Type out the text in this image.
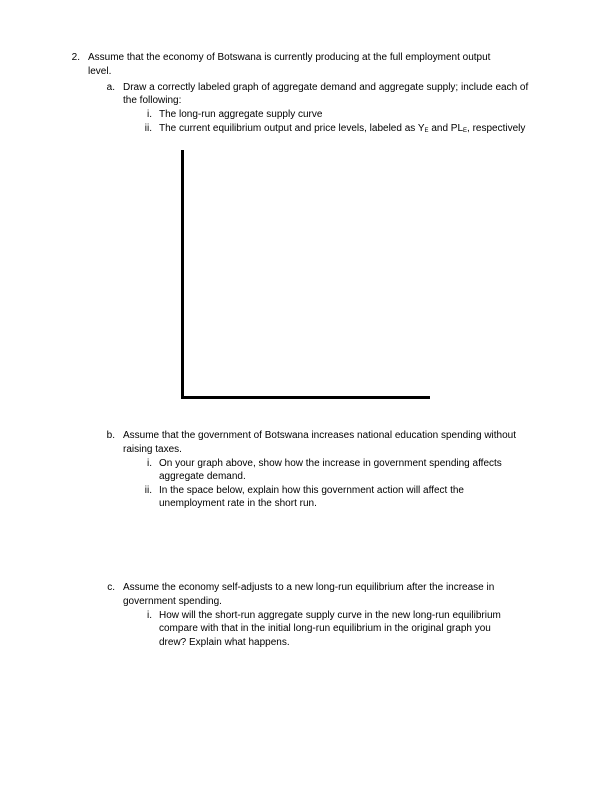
2. Assume that the economy of Botswana is currently producing at the full employment output
level.
a. Draw a correctly labeled graph of aggregate demand and aggregate supply; include each of
the following:
i. The long-run aggregate supply curve
ii. The current equilibrium output and price levels, labeled as $Y_E$ and $PL_E$, respectively
b. Assume that the government of Botswana increases national education spending without
raising taxes.
i. On your graph above, show how the increase in government spending affects
aggregate demand.
ii. In the space below, explain how this government action will affect the
unemployment rate in the short run.
c. Assume the economy self-adjusts to a new long-run equilibrium after the increase in
government spending.
i. How will the short-run aggregate supply curve in the new long-run equilibrium
compare with that in the initial long-run equilibrium in the original graph you
drew? Explain what happens.
